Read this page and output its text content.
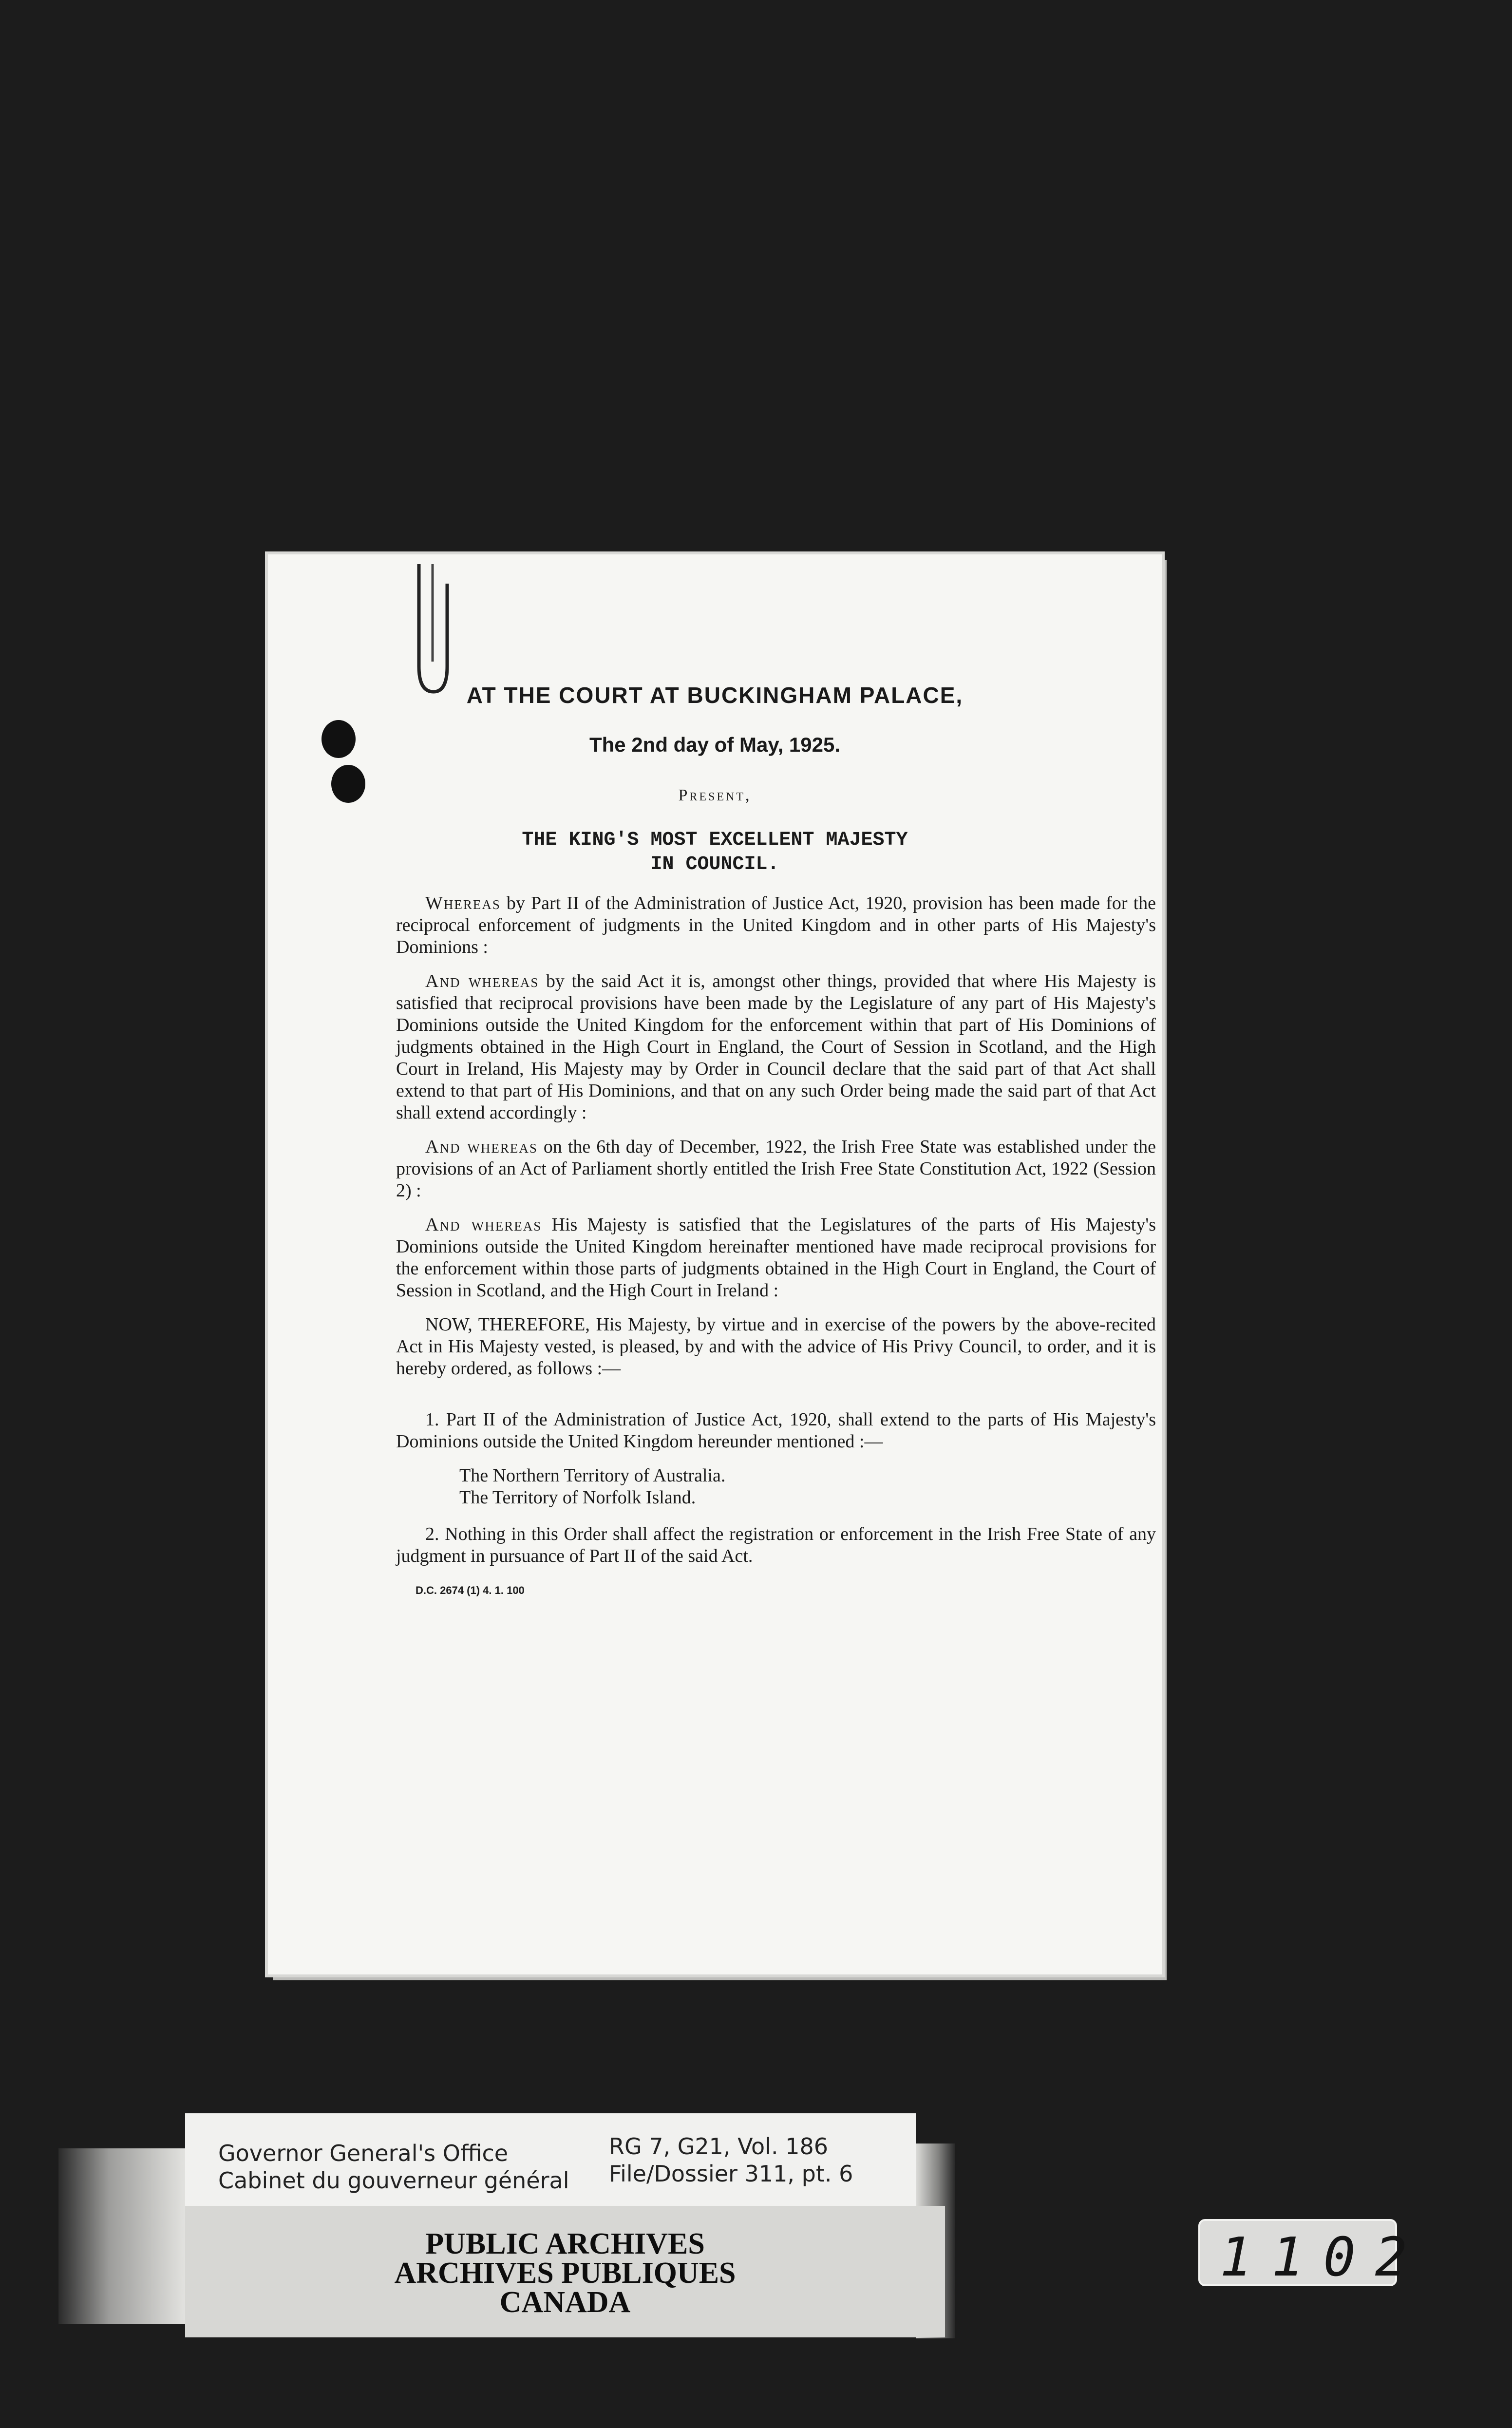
AT THE COURT AT BUCKINGHAM PALACE,
The 2nd day of May, 1925.
Present,
THE KING'S MOST EXCELLENT MAJESTY
IN COUNCIL.

Whereas by Part II of the Administration of Justice Act, 1920, provision has been made for the reciprocal enforcement of judgments in the United Kingdom and in other parts of His Majesty's Dominions :

And whereas by the said Act it is, amongst other things, provided that where His Majesty is satisfied that reciprocal provisions have been made by the Legislature of any part of His Majesty's Dominions outside the United Kingdom for the enforcement within that part of His Dominions of judgments obtained in the High Court in England, the Court of Session in Scotland, and the High Court in Ireland, His Majesty may by Order in Council declare that the said part of that Act shall extend to that part of His Dominions, and that on any such Order being made the said part of that Act shall extend accordingly :

And whereas on the 6th day of December, 1922, the Irish Free State was established under the provisions of an Act of Parliament shortly entitled the Irish Free State Constitution Act, 1922 (Session 2) :

And whereas His Majesty is satisfied that the Legislatures of the parts of His Majesty's Dominions outside the United Kingdom hereinafter mentioned have made reciprocal provisions for the enforcement within those parts of judgments obtained in the High Court in England, the Court of Session in Scotland, and the High Court in Ireland :

NOW, THEREFORE, His Majesty, by virtue and in exercise of the powers by the above-recited Act in His Majesty vested, is pleased, by and with the advice of His Privy Council, to order, and it is hereby ordered, as follows :—

1. Part II of the Administration of Justice Act, 1920, shall extend to the parts of His Majesty's Dominions outside the United Kingdom hereunder mentioned :—

The Northern Territory of Australia.

The Territory of Norfolk Island.

2. Nothing in this Order shall affect the registration or enforcement in the Irish Free State of any judgment in pursuance of Part II of the said Act.

D.C. 2674 (1) 4. 1. 100
Governor General's Office
Cabinet du gouverneur général
RG 7, G21, Vol. 186
File/Dossier 311, pt. 6
PUBLIC ARCHIVES
ARCHIVES PUBLIQUES
CANADA
1102
